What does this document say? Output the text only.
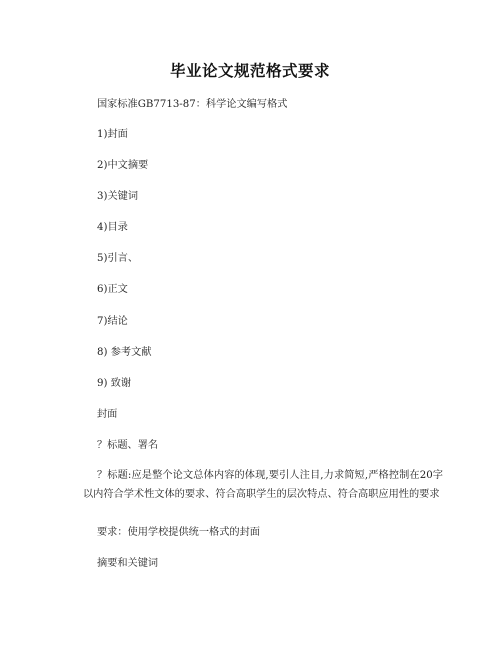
毕业论文规范格式要求
国家标准GB7713-87：科学论文编写格式
1)封面
2)中文摘要
3)关键词
4)目录
5)引言、
6)正文
7)结论
8) 参考文献
9) 致谢
封面
？标题、署名
？标题:应是整个论文总体内容的体现,要引人注目,力求简短,严格控制在20字以内符合学术性文体的要求、符合高职学生的层次特点、符合高职应用性的要求
要求：使用学校提供统一格式的封面
摘要和关键词
